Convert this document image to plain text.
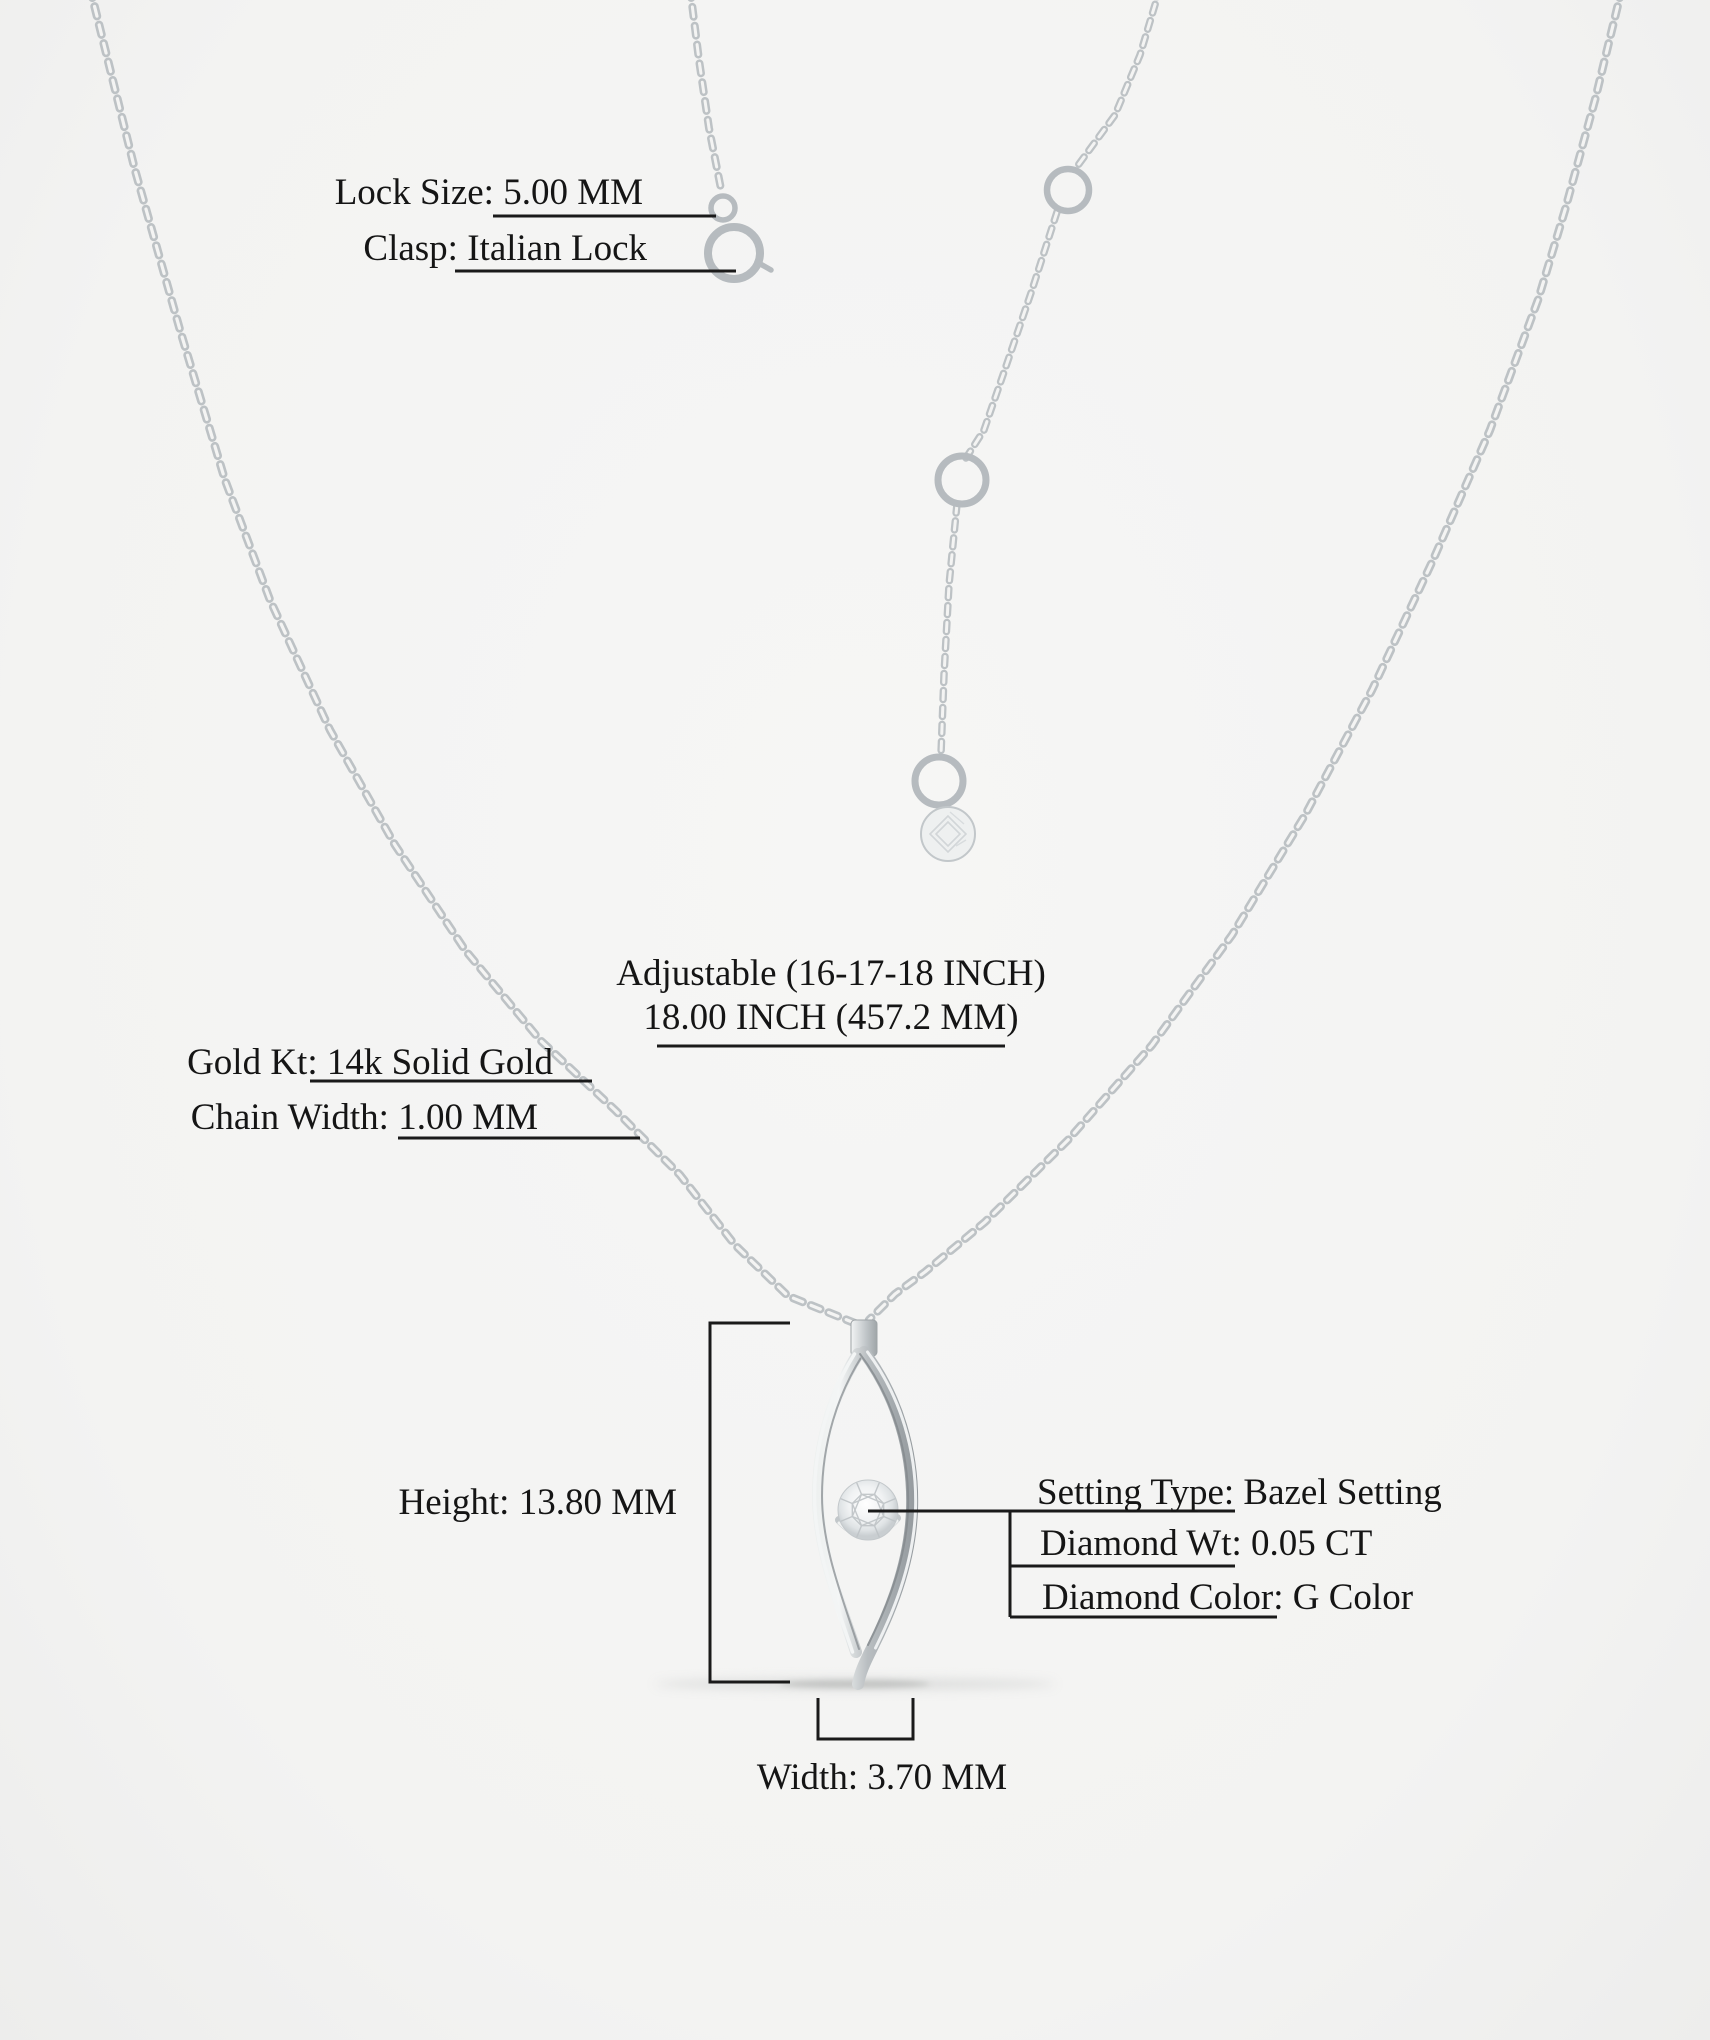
Lock Size: 5.00 MM
Clasp: Italian Lock
Adjustable (16-17-18 INCH)
18.00 INCH (457.2 MM)
Gold Kt: 14k Solid Gold
Chain Width: 1.00 MM
Height: 13.80 MM	Setting Type: Bazel Setting
Diamond Wt: 0.05 CT
Diamond Color: G Color
Width: 3.70 MM
